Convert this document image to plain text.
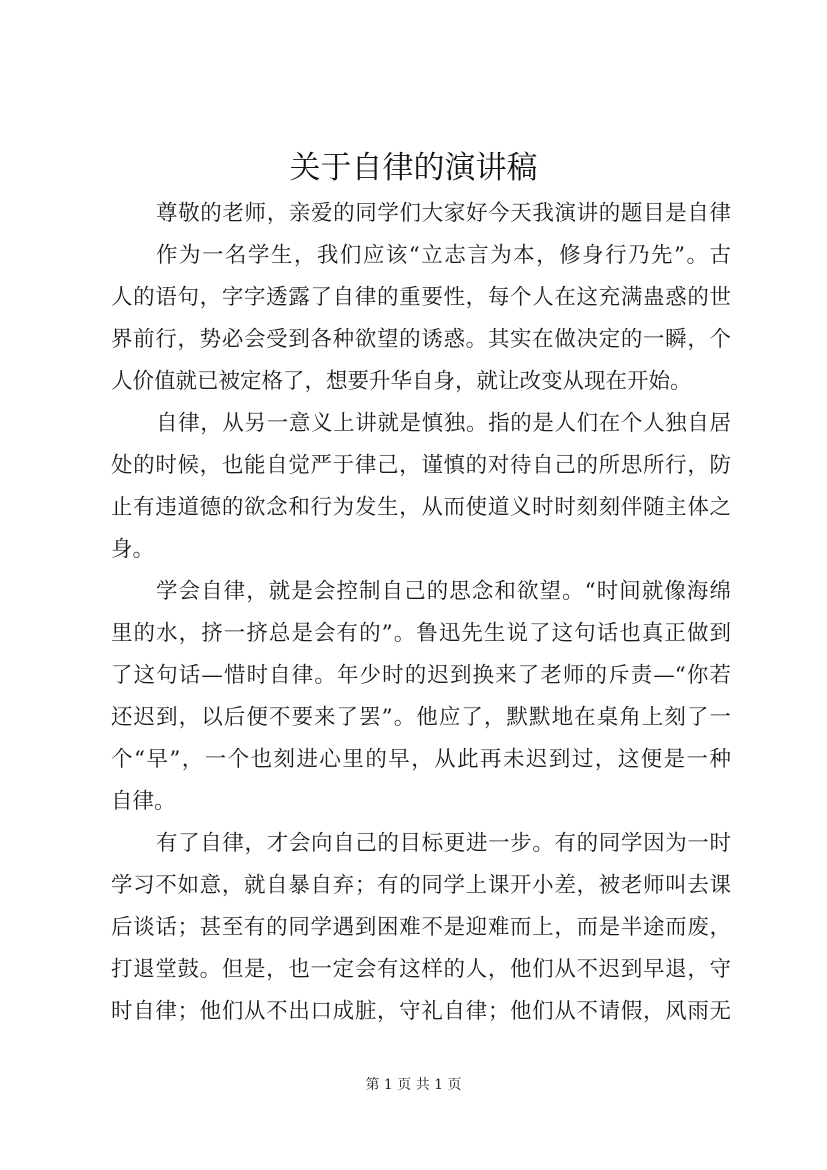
关于自律的演讲稿
尊敬的老师，亲爱的同学们大家好今天我演讲的题目是自律
作为一名学生，我们应该“立志言为本，修身行乃先”。古
人的语句，字字透露了自律的重要性，每个人在这充满蛊惑的世
界前行，势必会受到各种欲望的诱惑。其实在做决定的一瞬，个
人价值就已被定格了，想要升华自身，就让改变从现在开始。
自律，从另一意义上讲就是慎独。指的是人们在个人独自居
处的时候，也能自觉严于律己，谨慎的对待自己的所思所行，防
止有违道德的欲念和行为发生，从而使道义时时刻刻伴随主体之
身。
学会自律，就是会控制自己的思念和欲望。“时间就像海绵
里的水，挤一挤总是会有的”。鲁迅先生说了这句话也真正做到
了这句话—惜时自律。年少时的迟到换来了老师的斥责—“你若
还迟到，以后便不要来了罢”。他应了，默默地在桌角上刻了一
个“早”，一个也刻进心里的早，从此再未迟到过，这便是一种
自律。
有了自律，才会向自己的目标更进一步。有的同学因为一时
学习不如意，就自暴自弃；有的同学上课开小差，被老师叫去课
后谈话；甚至有的同学遇到困难不是迎难而上，而是半途而废，
打退堂鼓。但是，也一定会有这样的人，他们从不迟到早退，守
时自律；他们从不出口成脏，守礼自律；他们从不请假，风雨无
第 1 页 共 1 页
